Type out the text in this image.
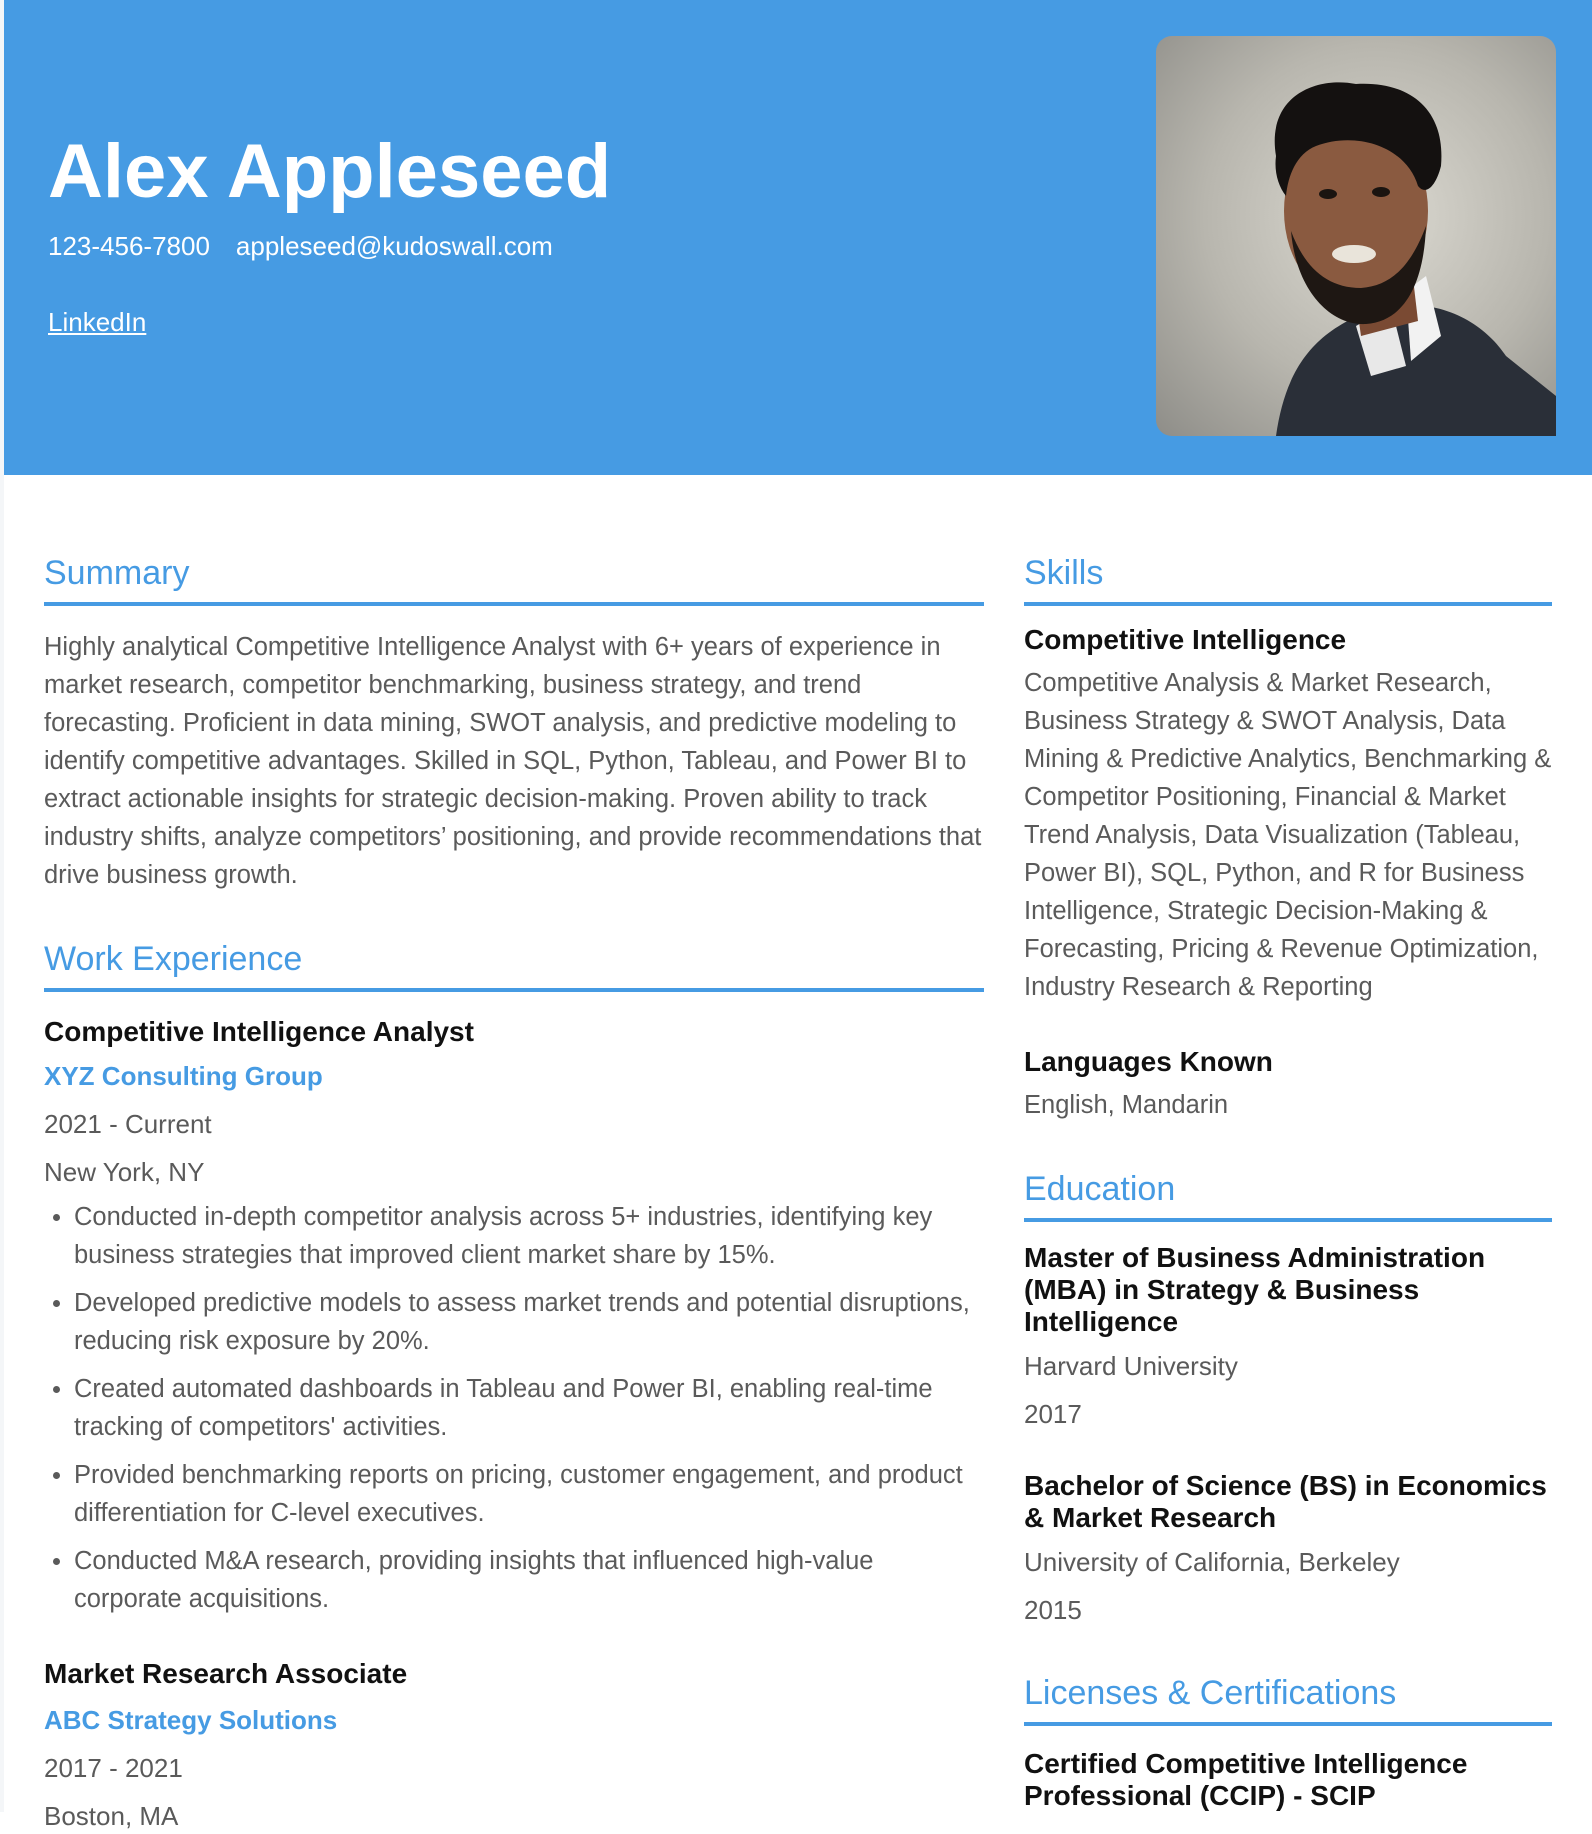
Alex Appleseed
123-456-7800 appleseed@kudoswall.com
LinkedIn
Summary

Highly analytical Competitive Intelligence Analyst with 6+ years of experience in market research, competitor benchmarking, business strategy, and trend forecasting. Proficient in data mining, SWOT analysis, and predictive modeling to identify competitive advantages. Skilled in SQL, Python, Tableau, and Power BI to extract actionable insights for strategic decision-making. Proven ability to track industry shifts, analyze competitors’ positioning, and provide recommendations that drive business growth.

Work Experience
Competitive Intelligence Analyst
XYZ Consulting Group
2021 - Current
New York, NY
Conducted in-depth competitor analysis across 5+ industries, identifying key business strategies that improved client market share by 15%.
Developed predictive models to assess market trends and potential disruptions, reducing risk exposure by 20%.
Created automated dashboards in Tableau and Power BI, enabling real-time tracking of competitors' activities.
Provided benchmarking reports on pricing, customer engagement, and product differentiation for C-level executives.
Conducted M&A research, providing insights that influenced high-value corporate acquisitions.
Market Research Associate
ABC Strategy Solutions
2017 - 2021
Boston, MA
Skills
Competitive Intelligence

Competitive Analysis & Market Research, Business Strategy & SWOT Analysis, Data Mining & Predictive Analytics, Benchmarking & Competitor Positioning, Financial & Market Trend Analysis, Data Visualization (Tableau, Power BI), SQL, Python, and R for Business Intelligence, Strategic Decision-Making & Forecasting, Pricing & Revenue Optimization, Industry Research & Reporting

Languages Known

English, Mandarin

Education
Master of Business Administration (MBA) in Strategy & Business Intelligence
Harvard University
2017
Bachelor of Science (BS) in Economics & Market Research
University of California, Berkeley
2015
Licenses & Certifications
Certified Competitive Intelligence Professional (CCIP) - SCIP
